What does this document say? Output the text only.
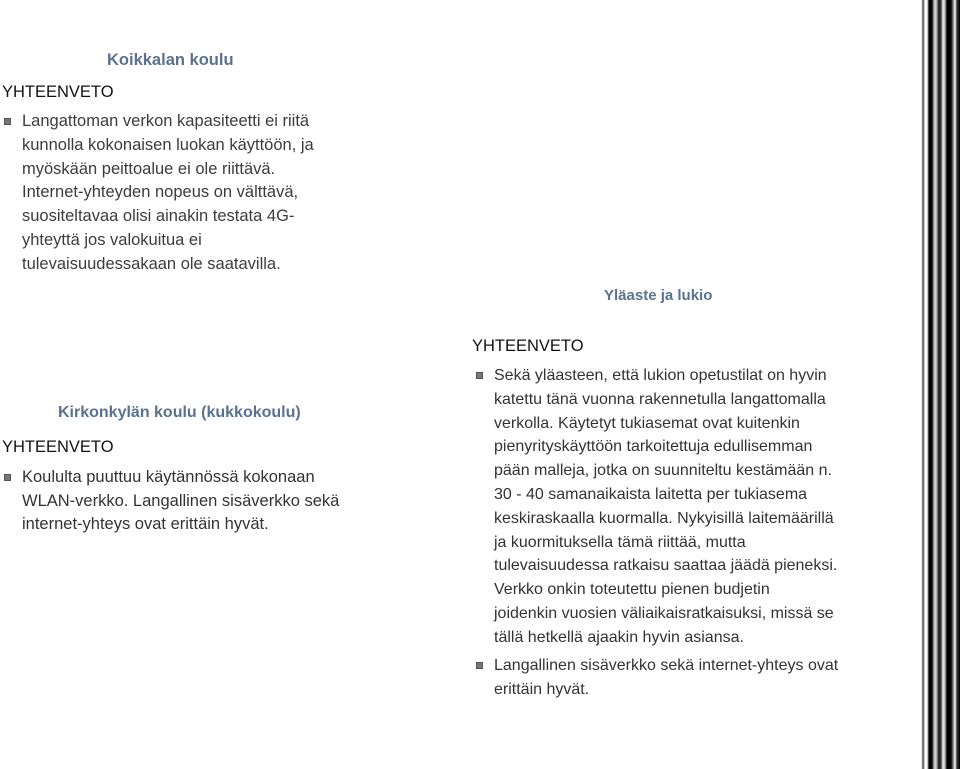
Koikkalan koulu
YHTEENVETO
Langattoman verkon kapasiteetti ei riitä
kunnolla kokonaisen luokan käyttöön, ja
myöskään peittoalue ei ole riittävä.
Internet-yhteyden nopeus on välttävä,
suositeltavaa olisi ainakin testata 4G-
yhteyttä jos valokuitua ei
tulevaisuudessakaan ole saatavilla.
Kirkonkylän koulu (kukkokoulu)
YHTEENVETO
Koululta puuttuu käytännössä kokonaan
WLAN-verkko. Langallinen sisäverkko sekä
internet-yhteys ovat erittäin hyvät.
Yläaste ja lukio
YHTEENVETO
Sekä yläasteen, että lukion opetustilat on hyvin
katettu tänä vuonna rakennetulla langattomalla
verkolla. Käytetyt tukiasemat ovat kuitenkin
pienyrityskäyttöön tarkoitettuja edullisemman
pään malleja, jotka on suunniteltu kestämään n.
30 - 40 samanaikaista laitetta per tukiasema
keskiraskaalla kuormalla. Nykyisillä laitemäärillä
ja kuormituksella tämä riittää, mutta
tulevaisuudessa ratkaisu saattaa jäädä pieneksi.
Verkko onkin toteutettu pienen budjetin
joidenkin vuosien väliaikaisratkaisuksi, missä se
tällä hetkellä ajaakin hyvin asiansa.
Langallinen sisäverkko sekä internet-yhteys ovat
erittäin hyvät.
